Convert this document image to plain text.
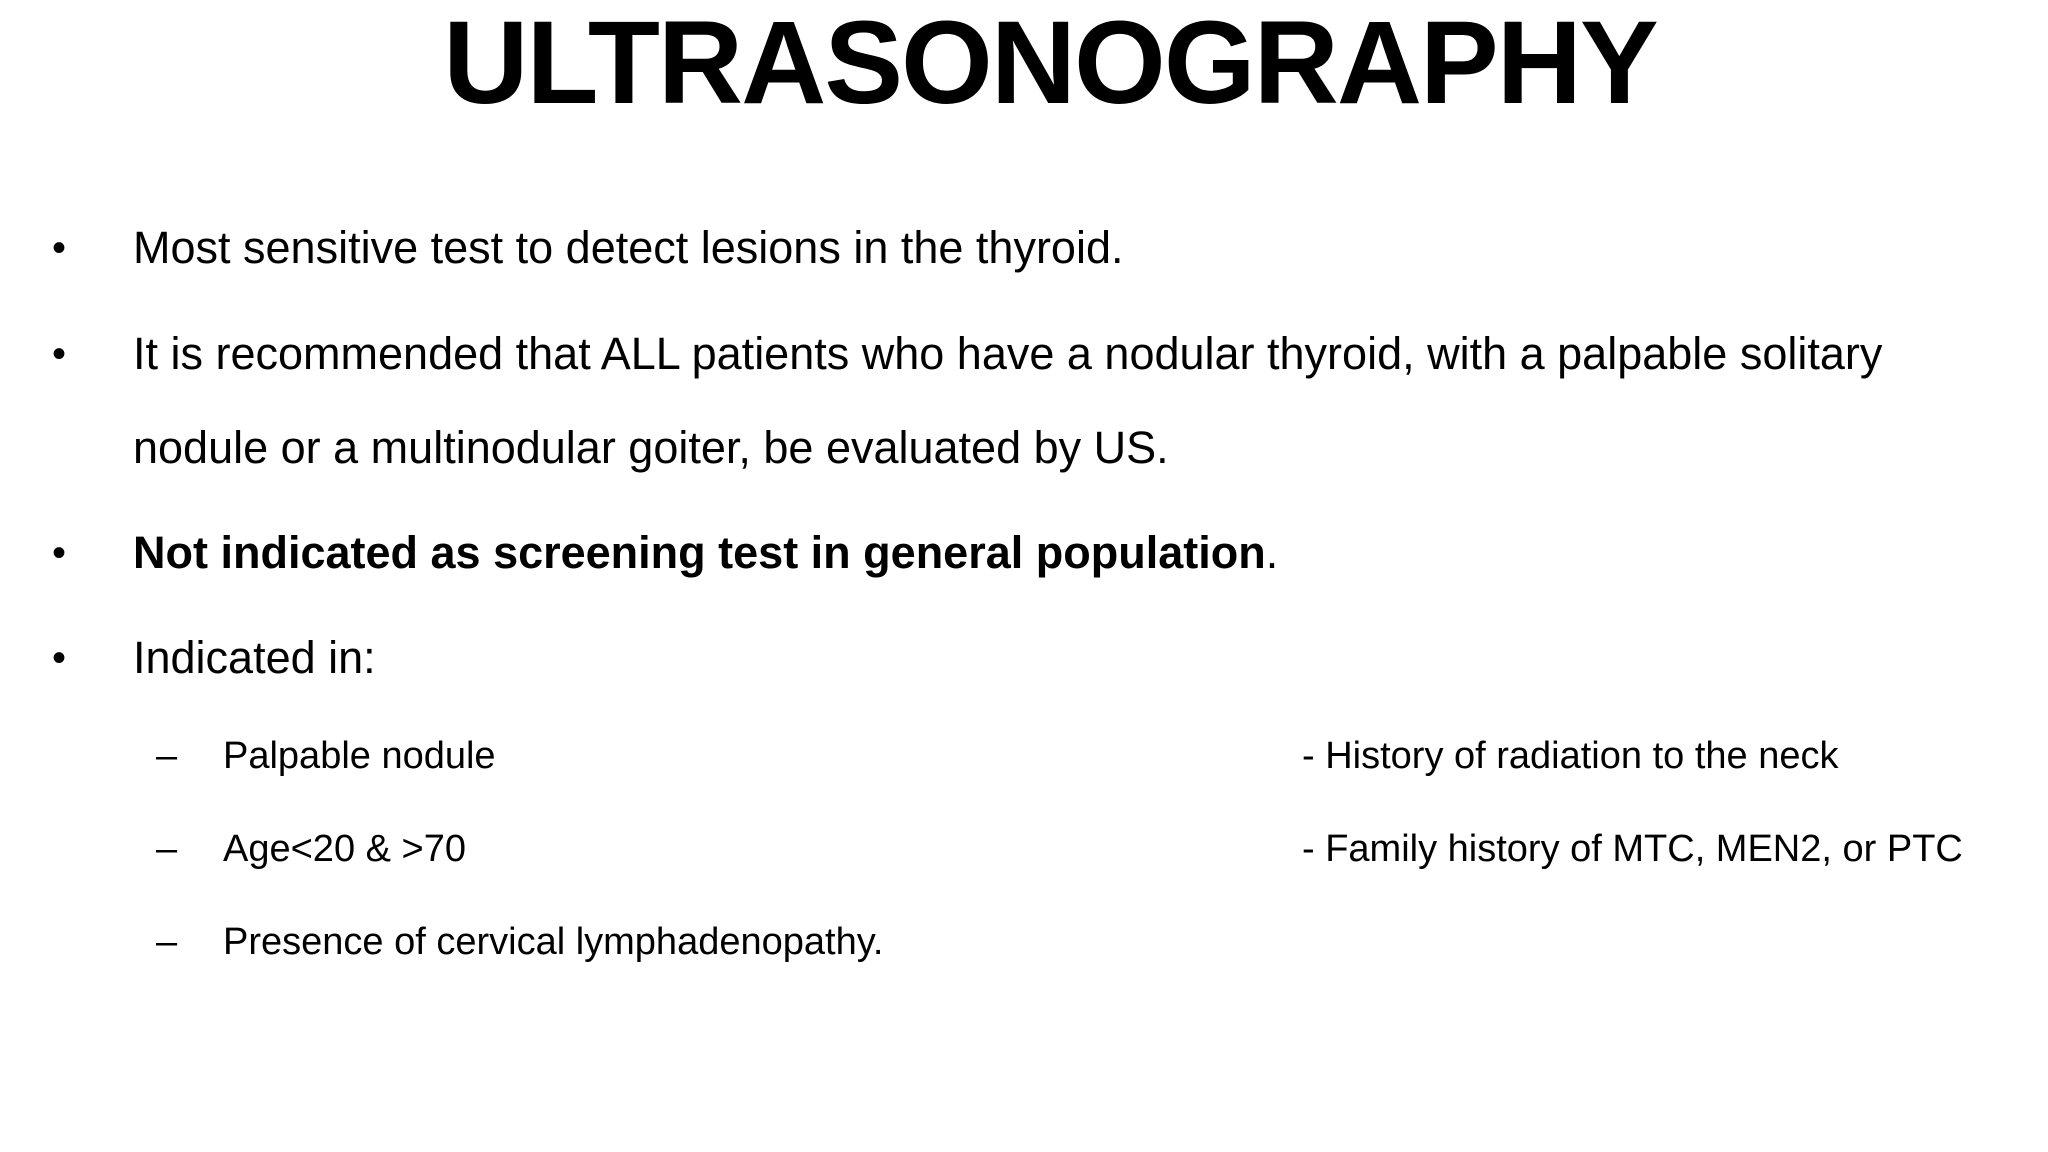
ULTRASONOGRAPHY
• Most sensitive test to detect lesions in the thyroid.
• It is recommended that ALL patients who have a nodular thyroid, with a palpable solitary
nodule or a multinodular goiter, be evaluated by US.
• Not indicated as screening test in general population.
• Indicated in:
– Palpable nodule	- History of radiation to the neck
– Age<20 & >70	- Family history of MTC, MEN2, or PTC
– Presence of cervical lymphadenopathy.
